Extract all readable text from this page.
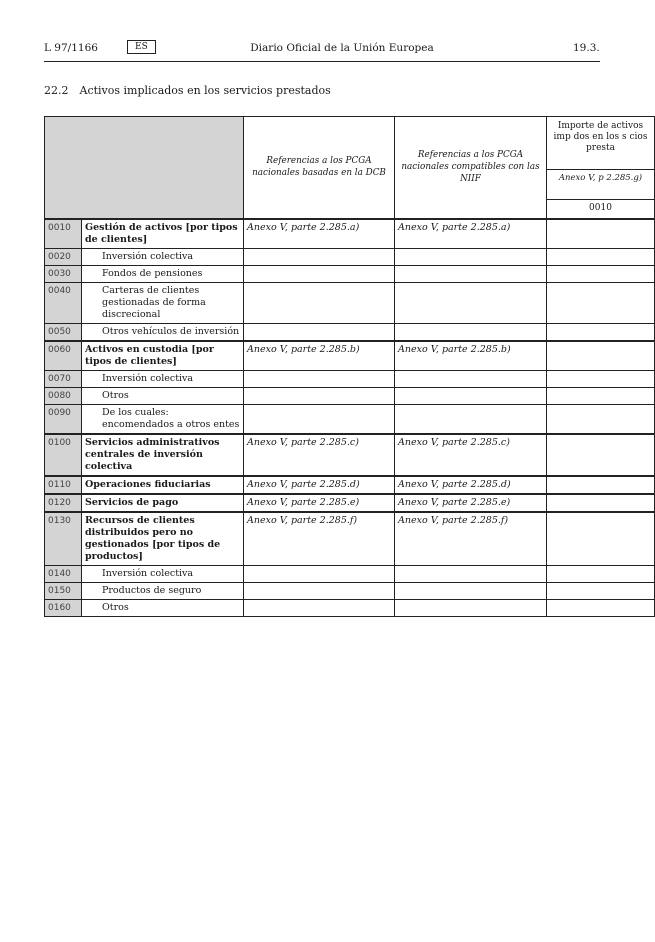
L 97/1166	ES	Diario Oficial de la Unión Europea	19.3.
22.2 Activos implicados en los servicios prestados
		Referencias a los PCGA nacionales basadas en la DCB	Referencias a los PCGA nacionales compatibles con las NIIF	Importe de activos imp dos en los s cios presta
				Anexo V, p 2.285.g)
				0010
0010	Gestión de activos [por tipos de clientes]	Anexo V, parte 2.285.a)	Anexo V, parte 2.285.a)	
0020	Inversión colectiva			
0030	Fondos de pensiones			
0040	Carteras de clientes gestionadas de forma discrecional			
0050	Otros vehículos de inversión			
0060	Activos en custodia [por tipos de clientes]	Anexo V, parte 2.285.b)	Anexo V, parte 2.285.b)	
0070	Inversión colectiva			
0080	Otros			
0090	De los cuales: encomendados a otros entes			
0100	Servicios administrativos centrales de inversión colectiva	Anexo V, parte 2.285.c)	Anexo V, parte 2.285.c)	
0110	Operaciones fiduciarias	Anexo V, parte 2.285.d)	Anexo V, parte 2.285.d)	
0120	Servicios de pago	Anexo V, parte 2.285.e)	Anexo V, parte 2.285.e)	
0130	Recursos de clientes distribuidos pero no gestionados [por tipos de productos]	Anexo V, parte 2.285.f)	Anexo V, parte 2.285.f)	
0140	Inversión colectiva			
0150	Productos de seguro			
0160	Otros			
